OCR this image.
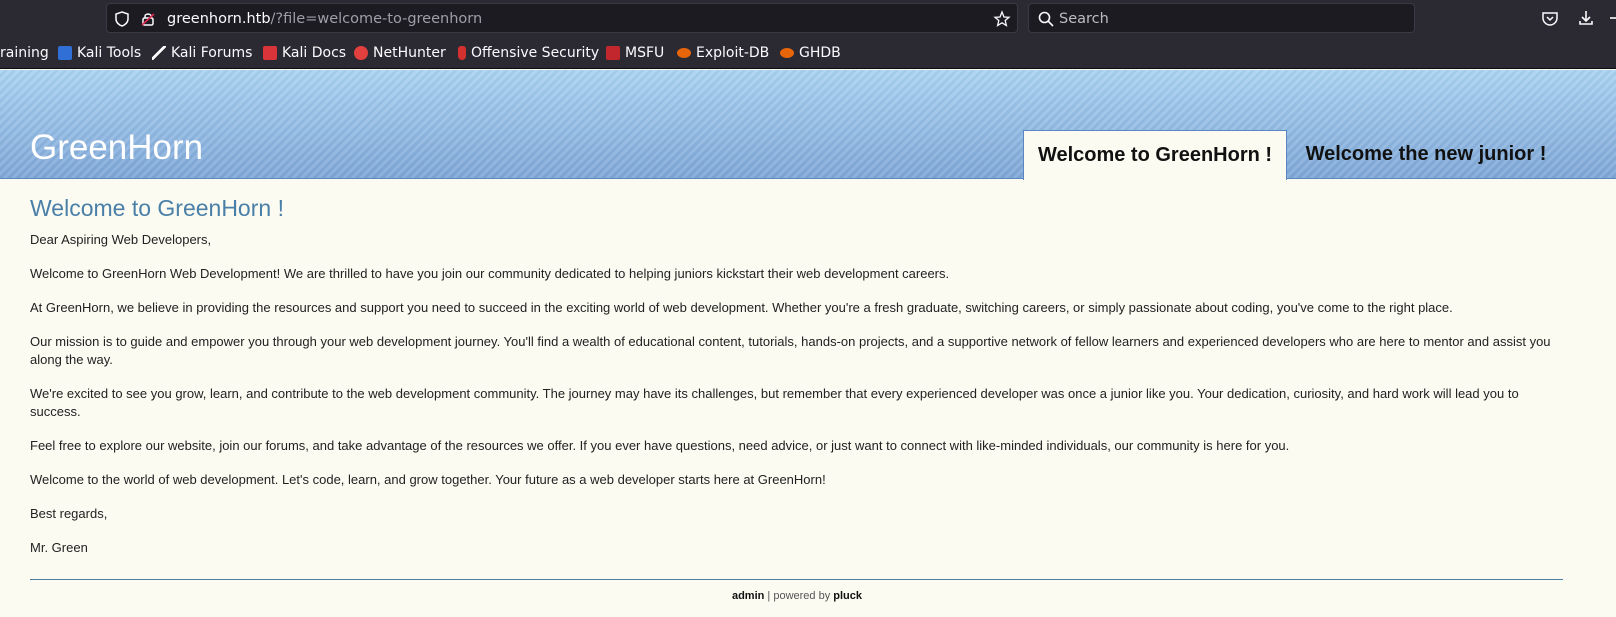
greenhorn.htb/?file=welcome-to-greenhorn	Search
raining Kali Tools Kali Forums Kali Docs NetHunter Offensive Security MSFU Exploit-DB GHDB
GreenHorn	Welcome to GreenHorn !	Welcome the new junior !
Welcome to GreenHorn !

Dear Aspiring Web Developers,

Welcome to GreenHorn Web Development! We are thrilled to have you join our community dedicated to helping juniors kickstart their web development careers.

At GreenHorn, we believe in providing the resources and support you need to succeed in the exciting world of web development. Whether you're a fresh graduate, switching careers, or simply passionate about coding, you've come to the right place.

Our mission is to guide and empower you through your web development journey. You'll find a wealth of educational content, tutorials, hands-on projects, and a supportive network of fellow learners and experienced developers who are here to mentor and assist you along the way.

We're excited to see you grow, learn, and contribute to the web development community. The journey may have its challenges, but remember that every experienced developer was once a junior like you. Your dedication, curiosity, and hard work will lead you to success.

Feel free to explore our website, join our forums, and take advantage of the resources we offer. If you ever have questions, need advice, or just want to connect with like-minded individuals, our community is here for you.

Welcome to the world of web development. Let's code, learn, and grow together. Your future as a web developer starts here at GreenHorn!

Best regards,

Mr. Green

admin | powered by pluck
